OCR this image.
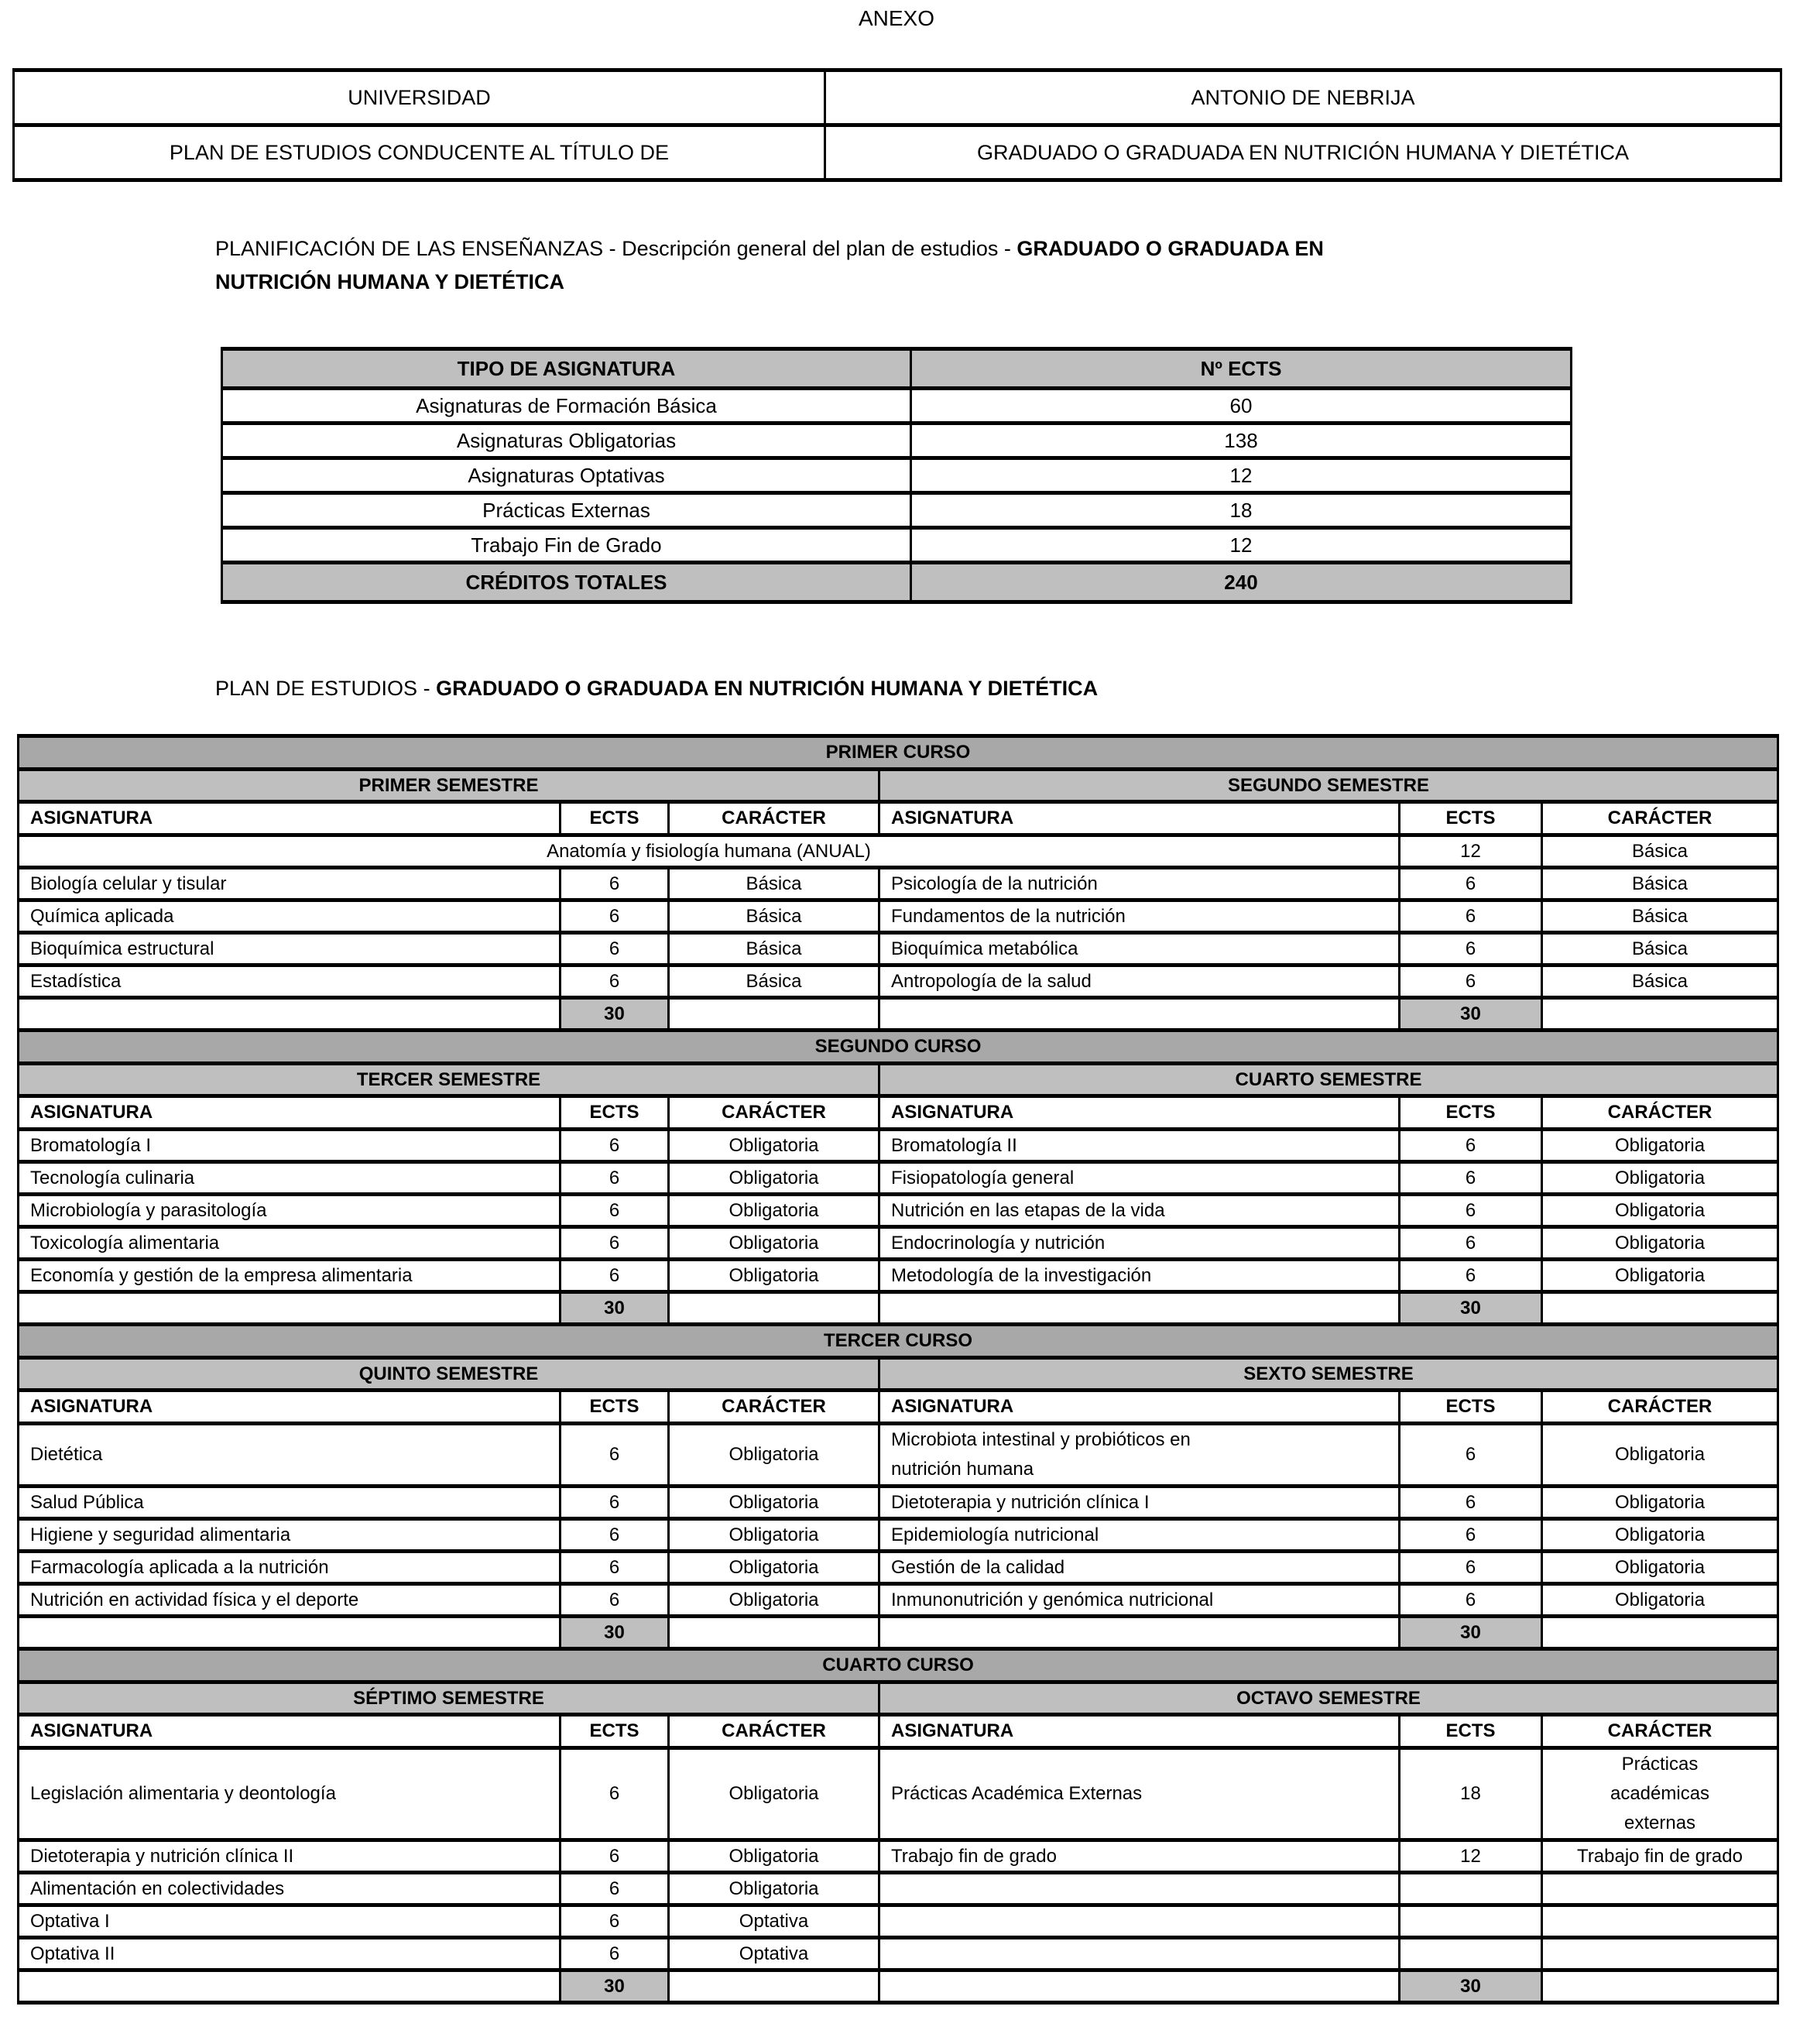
ANEXO
UNIVERSIDAD	ANTONIO DE NEBRIJA
PLAN DE ESTUDIOS CONDUCENTE AL TÍTULO DE	GRADUADO O GRADUADA EN NUTRICIÓN HUMANA Y DIETÉTICA
PLANIFICACIÓN DE LAS ENSEÑANZAS - Descripción general del plan de estudios - GRADUADO O GRADUADA EN NUTRICIÓN HUMANA Y DIETÉTICA
TIPO DE ASIGNATURA	Nº ECTS
Asignaturas de Formación Básica	60
Asignaturas Obligatorias	138
Asignaturas Optativas	12
Prácticas Externas	18
Trabajo Fin de Grado	12
CRÉDITOS TOTALES	240
PLAN DE ESTUDIOS - GRADUADO O GRADUADA EN NUTRICIÓN HUMANA Y DIETÉTICA
PRIMER CURSO					
PRIMER SEMESTRE			SEGUNDO SEMESTRE		
ASIGNATURA	ECTS	CARÁCTER	ASIGNATURA	ECTS	CARÁCTER
Anatomía y fisiología humana (ANUAL)				12	Básica
Biología celular y tisular	6	Básica	Psicología de la nutrición	6	Básica
Química aplicada	6	Básica	Fundamentos de la nutrición	6	Básica
Bioquímica estructural	6	Básica	Bioquímica metabólica	6	Básica
Estadística	6	Básica	Antropología de la salud	6	Básica
	30			30	
SEGUNDO CURSO					
TERCER SEMESTRE			CUARTO SEMESTRE		
ASIGNATURA	ECTS	CARÁCTER	ASIGNATURA	ECTS	CARÁCTER
Bromatología I	6	Obligatoria	Bromatología II	6	Obligatoria
Tecnología culinaria	6	Obligatoria	Fisiopatología general	6	Obligatoria
Microbiología y parasitología	6	Obligatoria	Nutrición en las etapas de la vida	6	Obligatoria
Toxicología alimentaria	6	Obligatoria	Endocrinología y nutrición	6	Obligatoria
Economía y gestión de la empresa alimentaria	6	Obligatoria	Metodología de la investigación	6	Obligatoria
	30			30	
TERCER CURSO					
QUINTO SEMESTRE			SEXTO SEMESTRE		
ASIGNATURA	ECTS	CARÁCTER	ASIGNATURA	ECTS	CARÁCTER
Dietética	6	Obligatoria	Microbiota intestinal y probióticos en nutrición humana	6	Obligatoria
Salud Pública	6	Obligatoria	Dietoterapia y nutrición clínica I	6	Obligatoria
Higiene y seguridad alimentaria	6	Obligatoria	Epidemiología nutricional	6	Obligatoria
Farmacología aplicada a la nutrición	6	Obligatoria	Gestión de la calidad	6	Obligatoria
Nutrición en actividad física y el deporte	6	Obligatoria	Inmunonutrición y genómica nutricional	6	Obligatoria
	30			30	
CUARTO CURSO					
SÉPTIMO SEMESTRE			OCTAVO SEMESTRE		
ASIGNATURA	ECTS	CARÁCTER	ASIGNATURA	ECTS	CARÁCTER
Legislación alimentaria y deontología	6	Obligatoria	Prácticas Académica Externas	18	Prácticas académicas externas

Dietoterapia y nutrición clínica II	6	Obligatoria	Trabajo fin de grado	12	Trabajo fin de grado
Alimentación en colectividades	6	Obligatoria			
Optativa I	6	Optativa			
Optativa II	6	Optativa			
	30			30	
